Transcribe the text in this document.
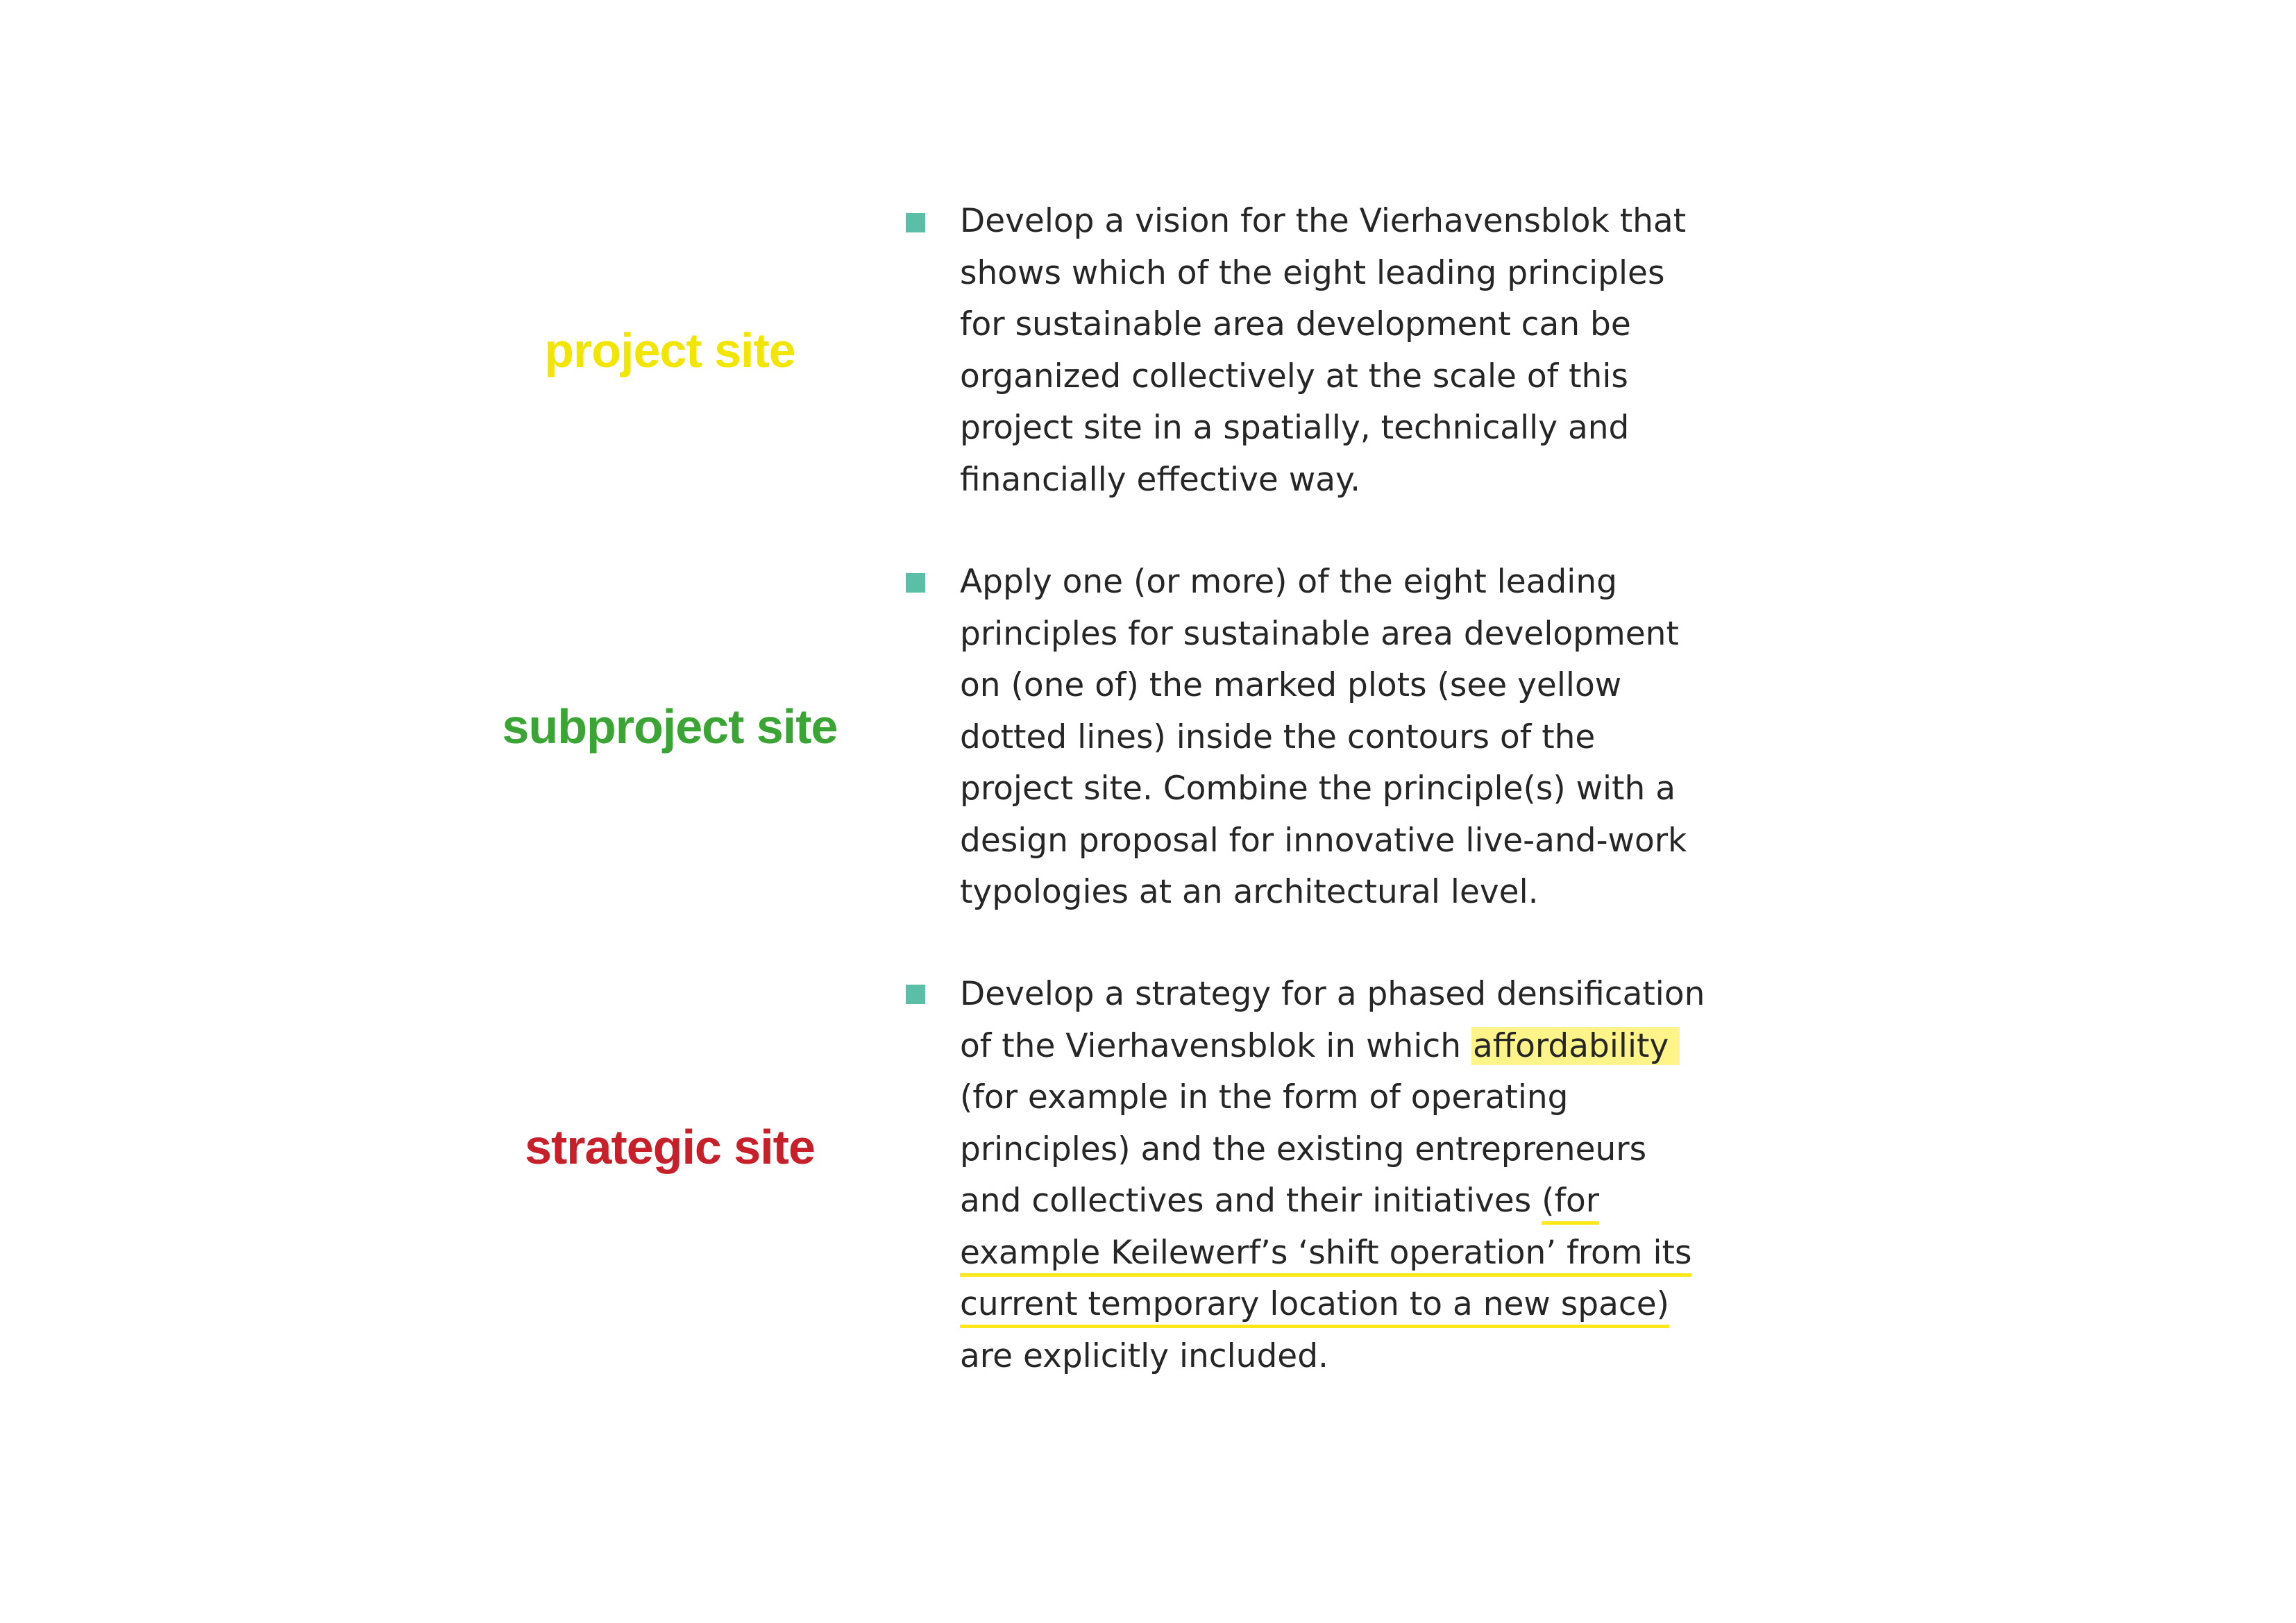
project site
subproject site
strategic site
Develop a vision for the Vierhavensblok that
shows which of the eight leading principles
for sustainable area development can be
organized collectively at the scale of this
project site in a spatially, technically and
financially effective way.
Apply one (or more) of the eight leading
principles for sustainable area development
on (one of) the marked plots (see yellow
dotted lines) inside the contours of the
project site. Combine the principle(s) with a
design proposal for innovative live-and-work
typologies at an architectural level.
Develop a strategy for a phased densification
of the Vierhavensblok in which affordability
(for example in the form of operating
principles) and the existing entrepreneurs
and collectives and their initiatives (for
example Keilewerf’s ‘shift operation’ from its
current temporary location to a new space)
are explicitly included.
